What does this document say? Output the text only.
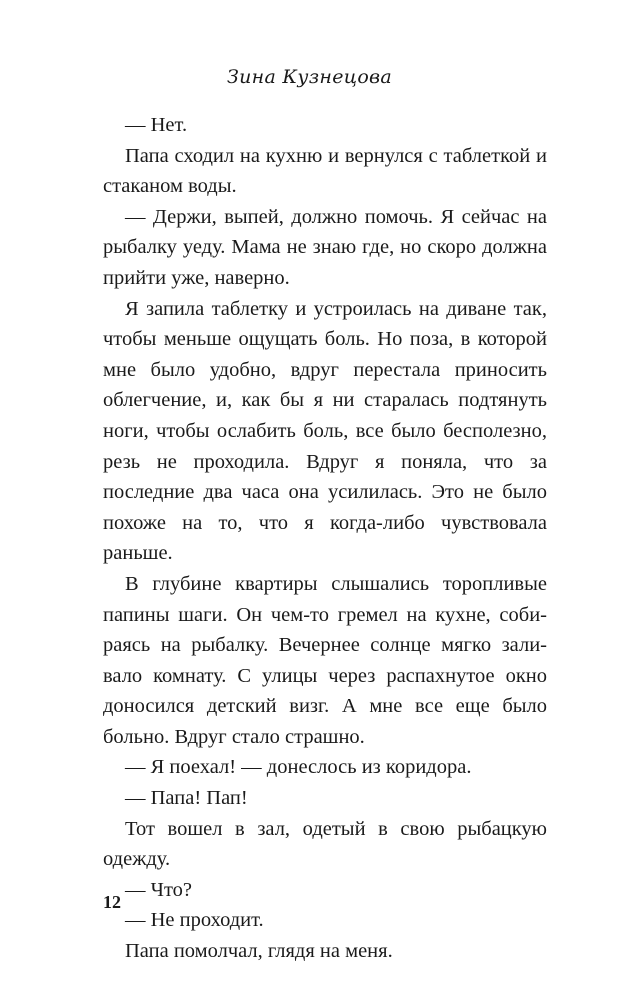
Зина Кузнецова

— Нет.

Папа сходил на кухню и вернулся с таблеткой и стаканом воды.

— Держи, выпей, должно помочь. Я сейчас на рыбалку уеду. Мама не знаю где, но скоро должна прийти уже, наверно.

Я запила таблетку и устроилась на диване так, чтобы меньше ощущать боль. Но поза, в которой мне было удобно, вдруг перестала приносить облегчение, и, как бы я ни старалась подтянуть ноги, чтобы ослабить боль, все было бесполезно, резь не проходила. Вдруг я поняла, что за последние два часа она усилилась. Это не было похоже на то, что я когда-либо чувствовала раньше.

В глубине квартиры слышались торопливые папины шаги. Он чем-то гремел на кухне, собираясь на рыбалку. Вечернее солнце мягко заливало комнату. С улицы через распахнутое окно доносился детский визг. А мне все еще было больно. Вдруг стало страшно.

— Я поехал! — донеслось из коридора.

— Папа! Пап!

Тот вошел в зал, одетый в свою рыбацкую одежду.

— Что?

— Не проходит.

Папа помолчал, глядя на меня.

12
